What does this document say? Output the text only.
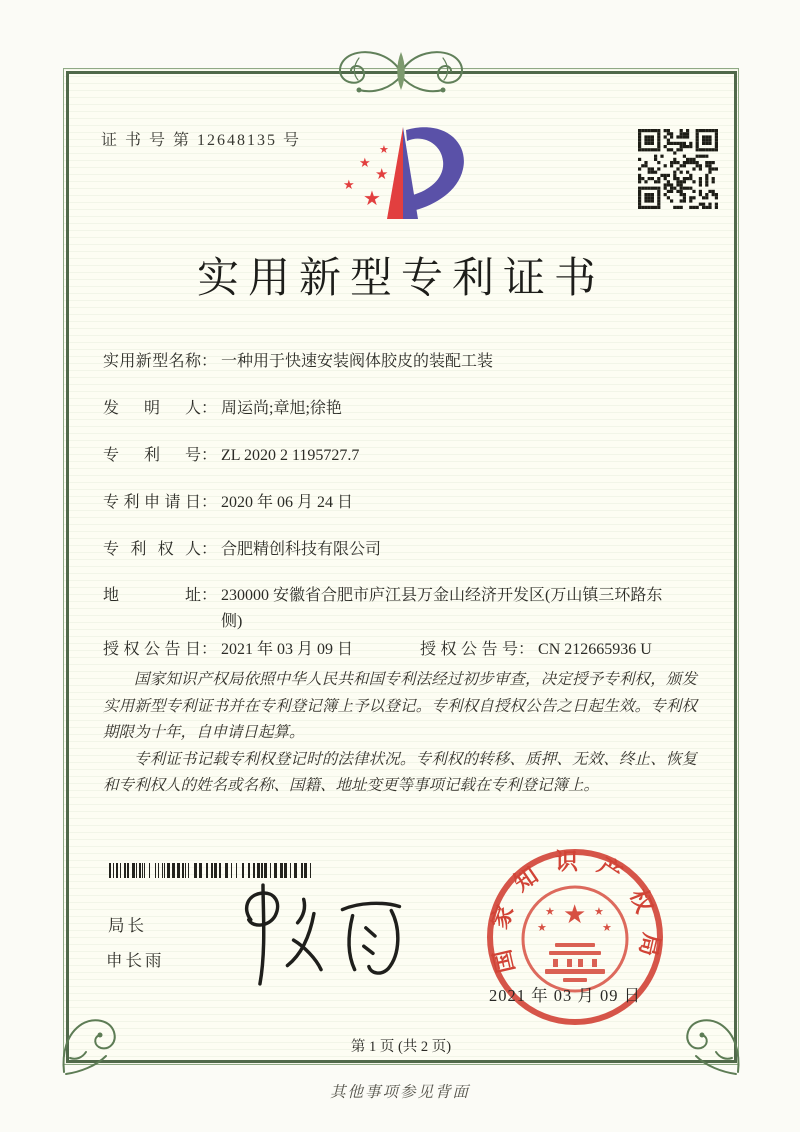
证 书 号 第 12648135 号
★
★
★
★
★
实用新型专利证书
实用新型名称 ： 一种用于快速安装阀体胶皮的装配工装
发明人 ： 周运尚;章旭;徐艳
专利号 ： ZL 2020 2 1195727.7
专利申请日 ： 2020 年 06 月 24 日
专利权人 ： 合肥精创科技有限公司
地址 ： 230000 安徽省合肥市庐江县万金山经济开发区(万山镇三环路东侧)
授权公告日 ： 2021 年 03 月 09 日	授权公告号 ： CN 212665936 U

国家知识产权局依照中华人民共和国专利法经过初步审查，决定授予专利权，颁发实用新型专利证书并在专利登记簿上予以登记。专利权自授权公告之日起生效。专利权期限为十年，自申请日起算。

专利证书记载专利权登记时的法律状况。专利权的转移、质押、无效、终止、恢复和专利权人的姓名或名称、国籍、地址变更等事项记载在专利登记簿上。

局长
申长雨	国家知识产权局
★
★	★
★	★
2021 年 03 月 09 日
第 1 页 (共 2 页)
其他事项参见背面
